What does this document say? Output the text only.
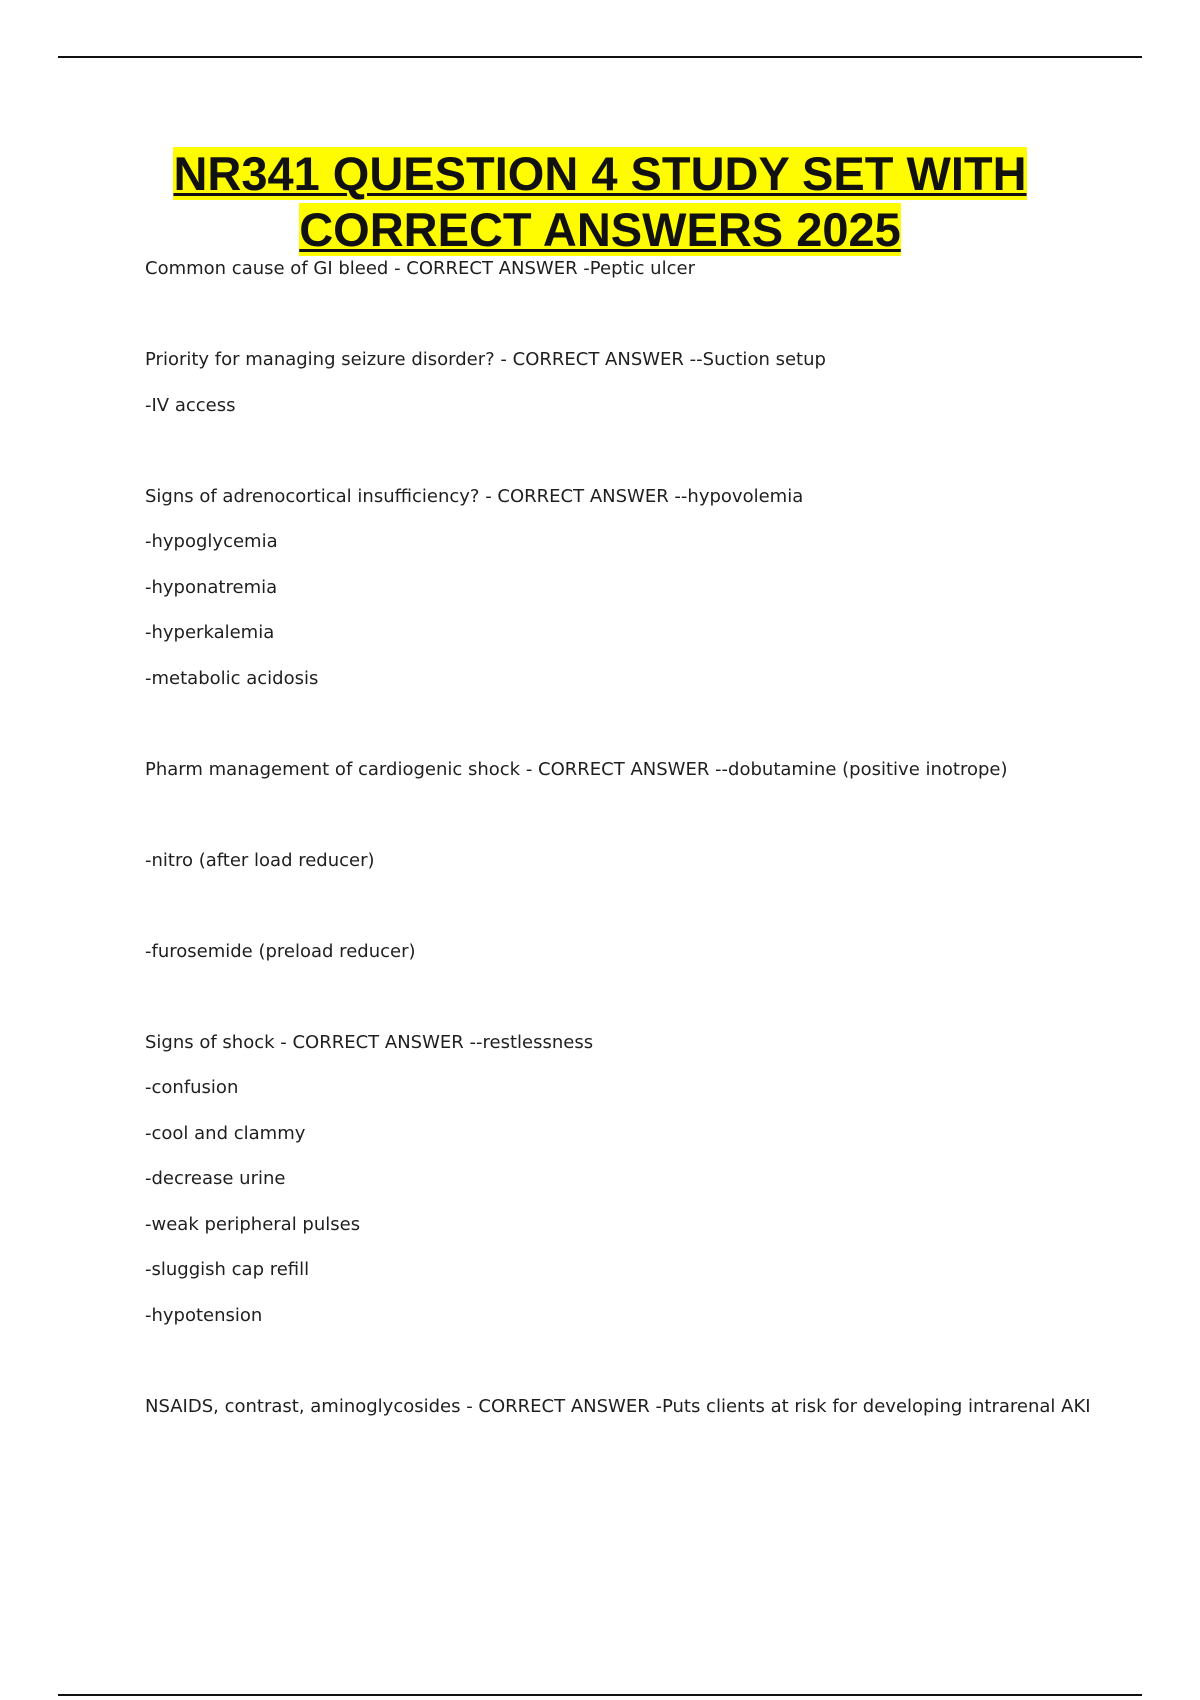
NR341 QUESTION 4 STUDY SET WITH
CORRECT ANSWERS 2025

Common cause of GI bleed - CORRECT ANSWER -Peptic ulcer

Priority for managing seizure disorder? - CORRECT ANSWER --Suction setup

-IV access

Signs of adrenocortical insufficiency? - CORRECT ANSWER --hypovolemia

-hypoglycemia

-hyponatremia

-hyperkalemia

-metabolic acidosis

Pharm management of cardiogenic shock - CORRECT ANSWER --dobutamine (positive inotrope)

-nitro (after load reducer)

-furosemide (preload reducer)

Signs of shock - CORRECT ANSWER --restlessness

-confusion

-cool and clammy

-decrease urine

-weak peripheral pulses

-sluggish cap refill

-hypotension

NSAIDS, contrast, aminoglycosides - CORRECT ANSWER -Puts clients at risk for developing intrarenal AKI
